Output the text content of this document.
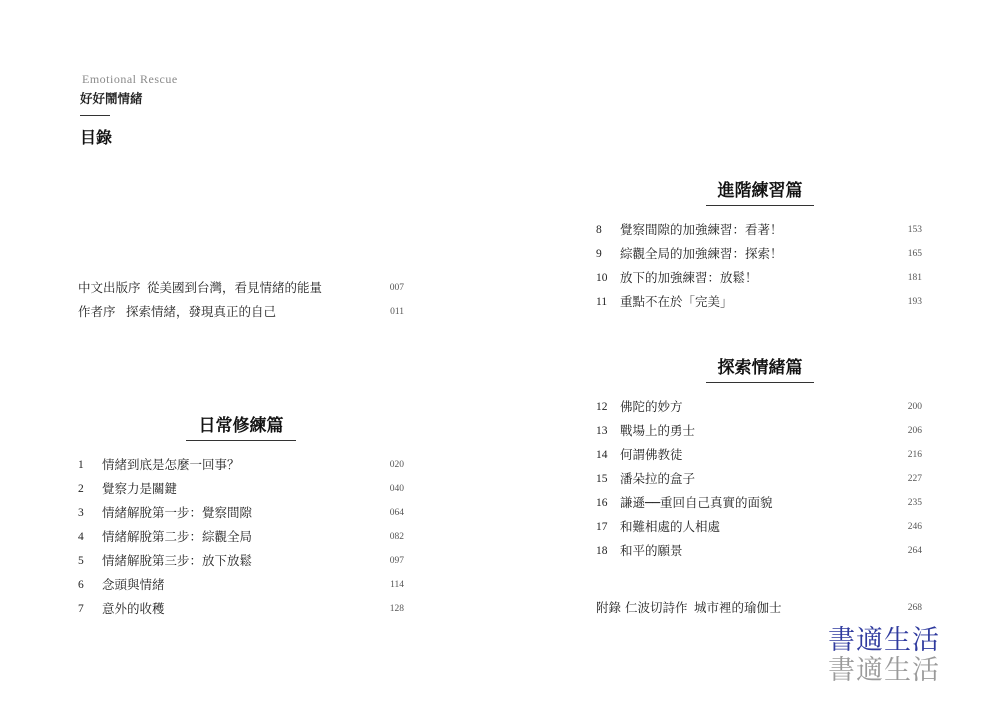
Emotional Rescue
好好鬧情緒
目錄
中文出版序 從美國到台灣，看見情緒的能量	007
作者序 探索情緒，發現真正的自己	011
日常修練篇
1 情緒到底是怎麼一回事？	020
2 覺察力是關鍵	040
3 情緒解脫第一步：覺察間隙	064
4 情緒解脫第二步：綜觀全局	082
5 情緒解脫第三步：放下放鬆	097
6 念頭與情緒	114
7 意外的收穫	128
進階練習篇
8 覺察間隙的加強練習：看著！	153
9 綜觀全局的加強練習：探索！	165
10 放下的加強練習：放鬆！	181
11 重點不在於「完美」	193
探索情緒篇
12 佛陀的妙方	200
13 戰場上的勇士	206
14 何謂佛教徒	216
15 潘朵拉的盒子	227
16 謙遜──重回自己真實的面貌	235
17 和難相處的人相處	246
18 和平的願景	264
附錄 仁波切詩作 城市裡的瑜伽士	268
書適生活
書適生活
